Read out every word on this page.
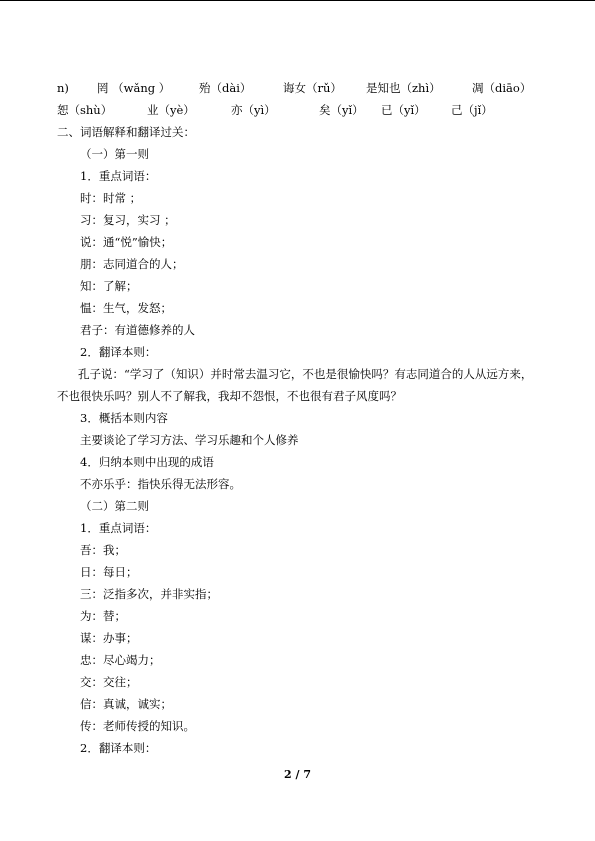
n) 罔 （wǎng ） 殆（dài）	诲女（rǔ） 是知也（zhì）	凋（diāo）
恕（shù）	业（yè）	亦（yì）	矣（yǐ） 已（yǐ） 己（jǐ）
二、词语解释和翻译过关：
（一）第一则
1．重点词语：
时：时常 ；
习：复习，实习 ；
说：通“悦”愉快；
朋：志同道合的人；
知：了解；
愠：生气，发怒；
君子：有道德修养的人
2．翻译本则：
孔子说：“学习了（知识）并时常去温习它，不也是很愉快吗？有志同道合的人从远方来，不也很快乐吗？别人不了解我，我却不怨恨，不也很有君子风度吗？
3．概括本则内容
主要谈论了学习方法、学习乐趣和个人修养
4．归纳本则中出现的成语
不亦乐乎：指快乐得无法形容。
（二）第二则
1．重点词语：
吾：我；
日：每日；
三：泛指多次，并非实指；
为：替；
谋：办事；
忠：尽心竭力；
交：交往；
信：真诚，诚实；
传：老师传授的知识。
2．翻译本则：
2 / 7
